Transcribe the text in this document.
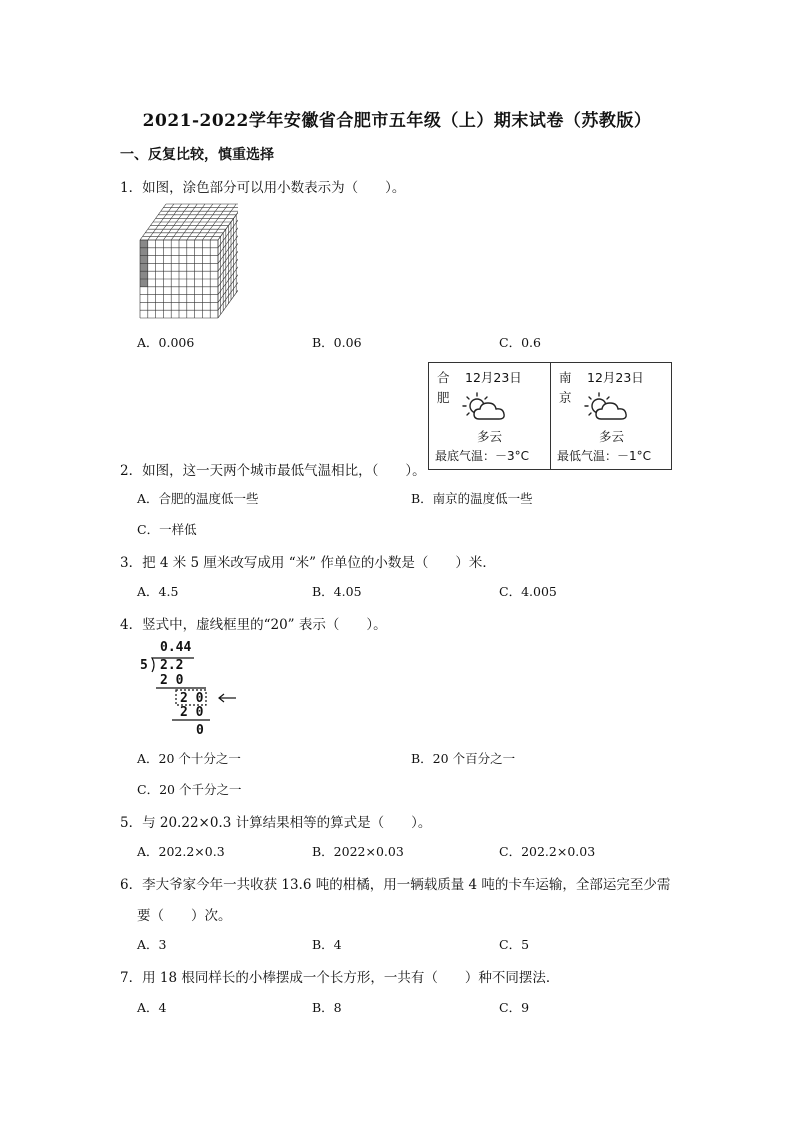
2021-2022学年安徽省合肥市五年级（上）期末试卷（苏教版）
一、反复比较，慎重选择
1．如图，涂色部分可以用小数表示为（　　）。
A．0.006	B．0.06	C．0.6
合肥
12月23日
多云
最底气温：－3°C
南京
12月23日
多云
最低气温：－1°C
2．如图，这一天两个城市最低气温相比，（　　）。
A．合肥的温度低一些	B．南京的温度低一些
C．一样低
3．把 4 米 5 厘米改写成用 “米” 作单位的小数是（　　）米．
A．4.5	B．4.05	C．4.005
4．竖式中，虚线框里的“20” 表示（　　）。
0.44
5 2.2
2 0
2 0
2 0
0
A．20 个十分之一	B．20 个百分之一
C．20 个千分之一
5．与 20.22×0.3 计算结果相等的算式是（　　）。
A．202.2×0.3	B．2022×0.03	C．202.2×0.03
6．李大爷家今年一共收获 13.6 吨的柑橘，用一辆载质量 4 吨的卡车运输，全部运完至少需
要（　　）次。
A．3	B．4	C．5
7．用 18 根同样长的小棒摆成一个长方形，一共有（　　）种不同摆法．
A．4	B．8	C．9
